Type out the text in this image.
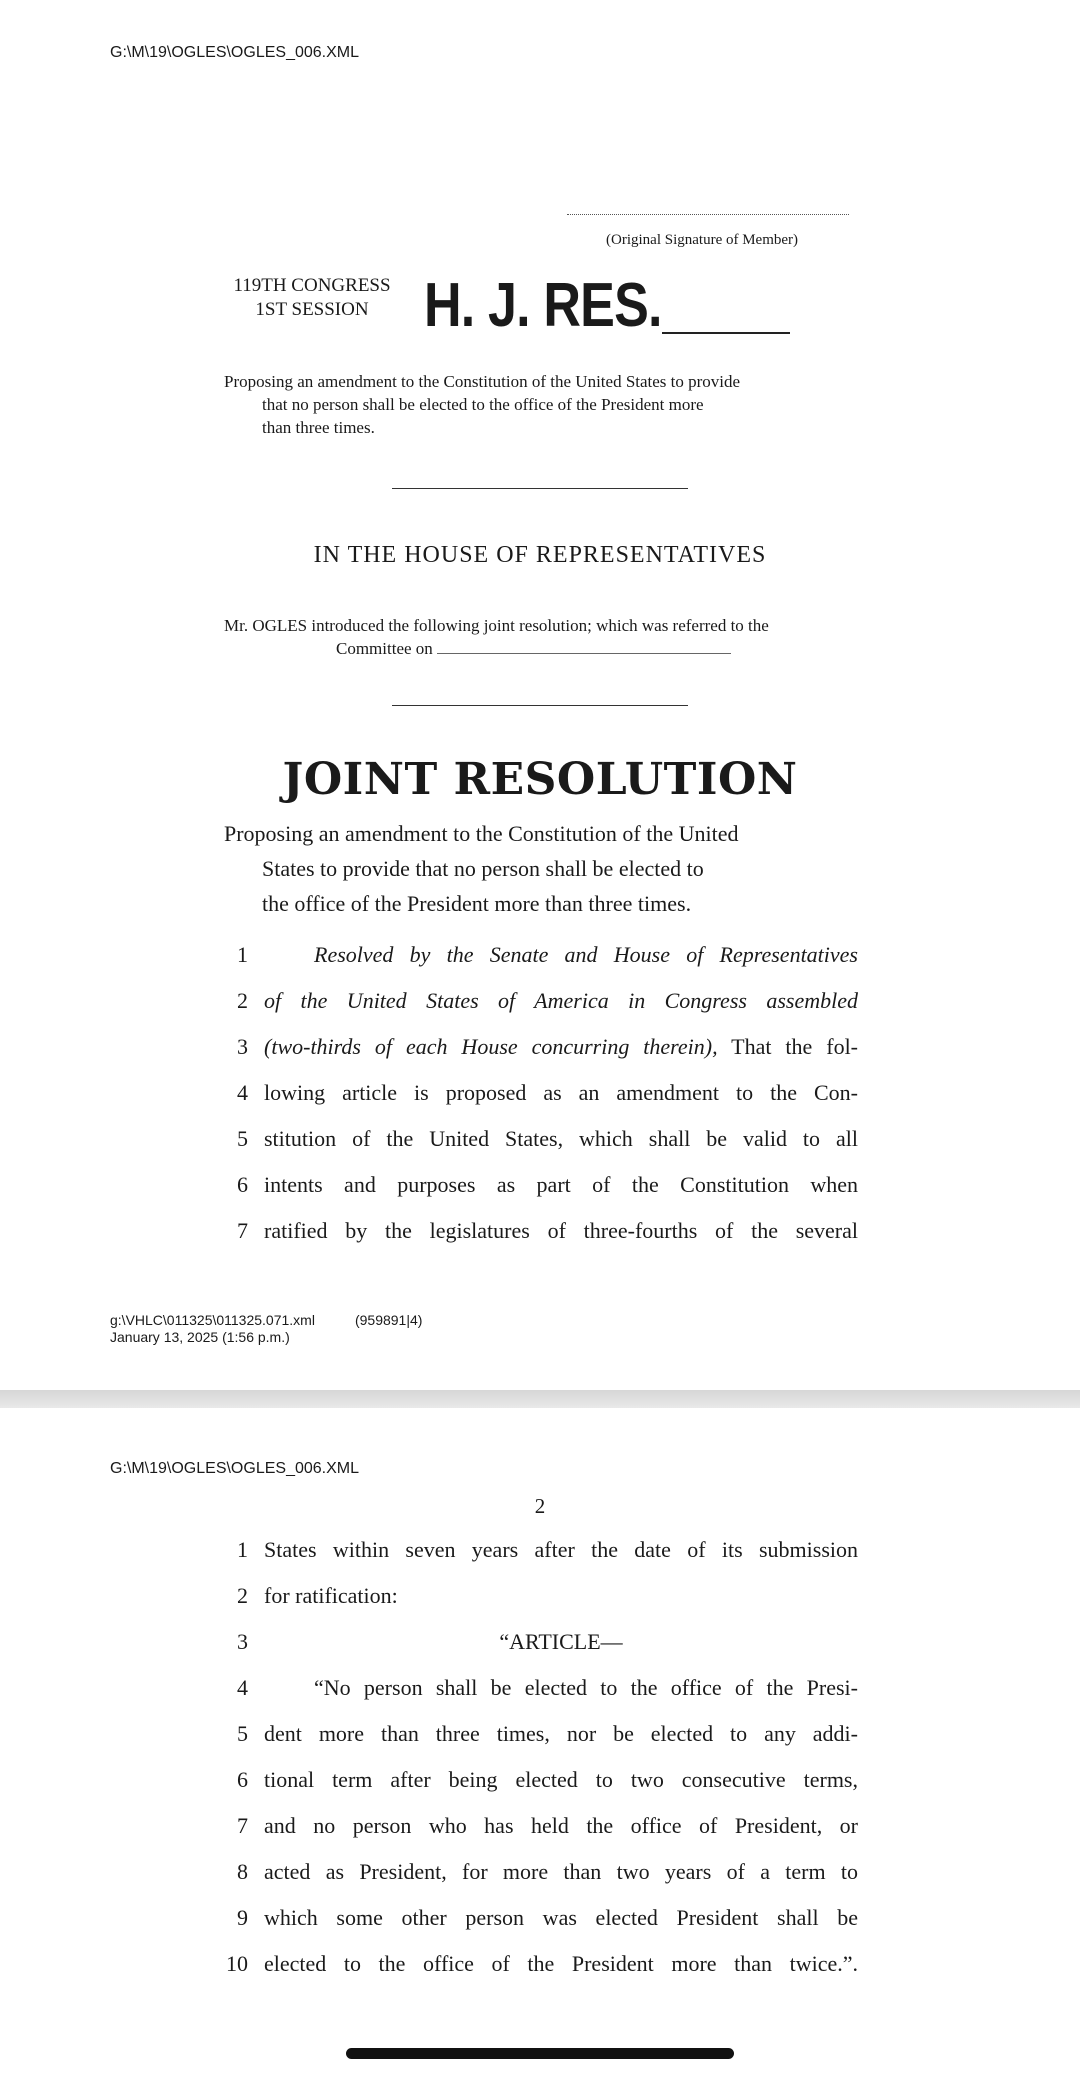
G:\M\19\OGLES\OGLES_006.XML
(Original Signature of Member)
119TH CONGRESS
1ST SESSION H. J. RES.
Proposing an amendment to the Constitution of the United States to provide
that no person shall be elected to the office of the President more
than three times.
IN THE HOUSE OF REPRESENTATIVES
Mr. OGLES introduced the following joint resolution; which was referred to the
Committee on
JOINT RESOLUTION
Proposing an amendment to the Constitution of the United
States to provide that no person shall be elected to
the office of the President more than three times.
1	Resolved by the Senate and House of Representatives
2 of the United States of America in Congress assembled
3 (two-thirds of each House concurring therein), That the fol-
4 lowing article is proposed as an amendment to the Con-
5 stitution of the United States, which shall be valid to all
6 intents and purposes as part of the Constitution when
7 ratified by the legislatures of three-fourths of the several
g:\VHLC\011325\011325.071.xml	(959891|4)
January 13, 2025 (1:56 p.m.)
G:\M\19\OGLES\OGLES_006.XML
2
1 States within seven years after the date of its submission
2 for ratification:
3	“ARTICLE—
4	“No person shall be elected to the office of the Presi-
5 dent more than three times, nor be elected to any addi-
6 tional term after being elected to two consecutive terms,
7 and no person who has held the office of President, or
8 acted as President, for more than two years of a term to
9 which some other person was elected President shall be
10 elected to the office of the President more than twice.”.
